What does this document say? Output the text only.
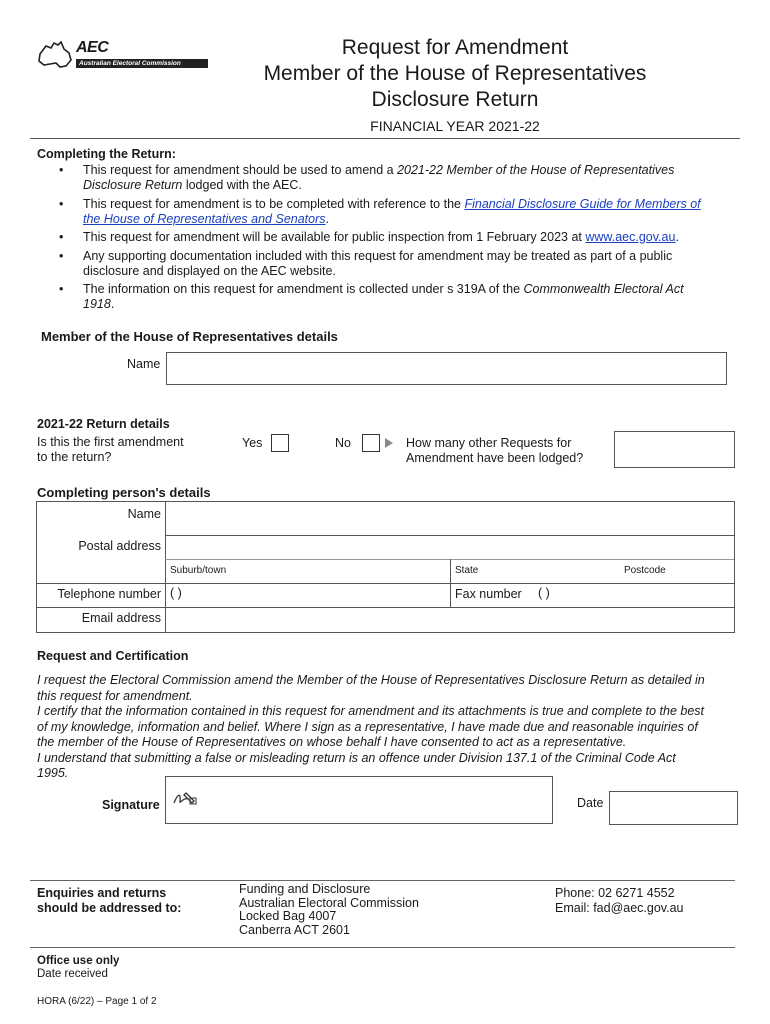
AEC
Australian Electoral Commission
Request for Amendment
Member of the House of Representatives
Disclosure Return
FINANCIAL YEAR 2021-22
Completing the Return:
• This request for amendment should be used to amend a 2021-22 Member of the House of Representatives
Disclosure Return lodged with the AEC.
• This request for amendment is to be completed with reference to the Financial Disclosure Guide for Members of
the House of Representatives and Senators.
• This request for amendment will be available for public inspection from 1 February 2023 at www.aec.gov.au.
• Any supporting documentation included with this request for amendment may be treated as part of a public
disclosure and displayed on the AEC website.
• The information on this request for amendment is collected under s 319A of the Commonwealth Electoral Act
1918.
Member of the House of Representatives details
Name
2021-22 Return details
Is this the first amendment
to the return?
Yes	No	How many other Requests for
Amendment have been lodged?
Completing person's details
Name
Postal address
Suburb/town	State	Postcode
Telephone number ( )	Fax number	( )
Email address
Request and Certification
I request the Electoral Commission amend the Member of the House of Representatives Disclosure Return as detailed in
this request for amendment.
I certify that the information contained in this request for amendment and its attachments is true and complete to the best
of my knowledge, information and belief. Where I sign as a representative, I have made due and reasonable inquiries of
the member of the House of Representatives on whose behalf I have consented to act as a representative.
I understand that submitting a false or misleading return is an offence under Division 137.1 of the Criminal Code Act
1995.
Signature	Date
Enquiries and returns
should be addressed to:
Funding and Disclosure
Australian Electoral Commission
Locked Bag 4007
Canberra ACT 2601
Phone: 02 6271 4552
Email: fad@aec.gov.au
Office use only
Date received
HORA (6/22) – Page 1 of 2
